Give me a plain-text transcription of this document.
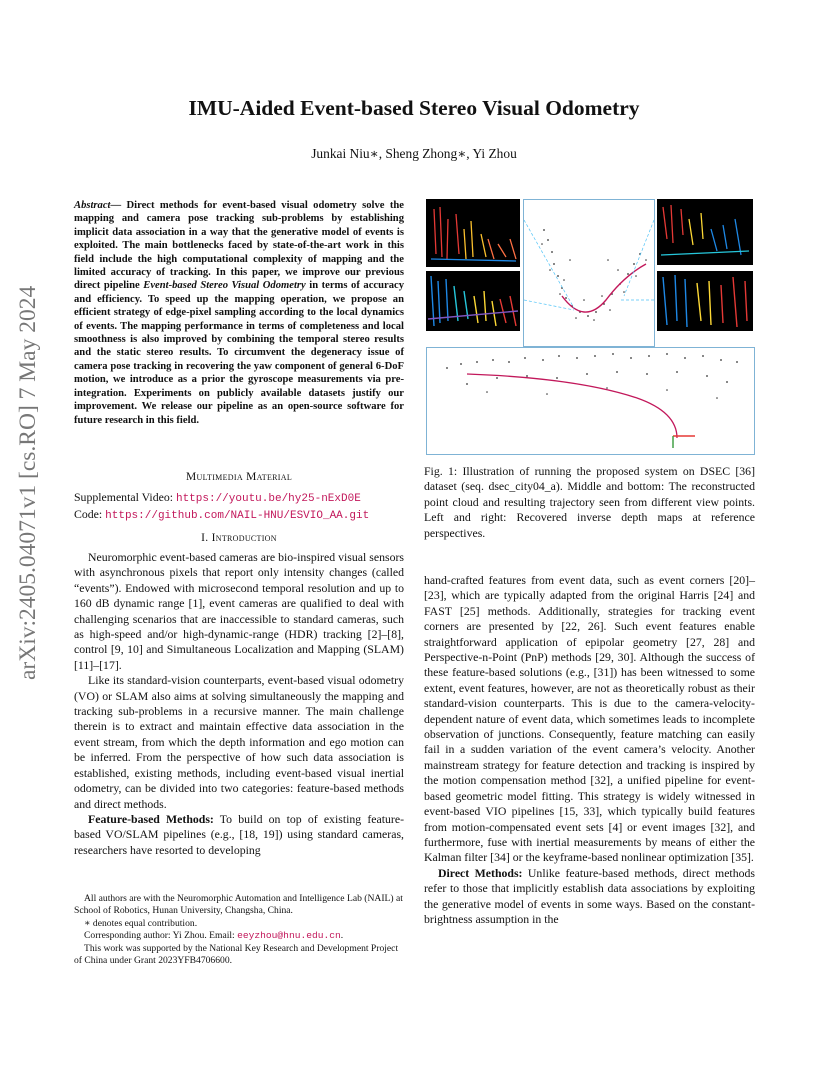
arXiv:2405.04071v1 [cs.RO] 7 May 2024
IMU-Aided Event-based Stereo Visual Odometry
Junkai Niu∗, Sheng Zhong∗, Yi Zhou
Abstract— Direct methods for event-based visual odometry solve the mapping and camera pose tracking sub-problems by establishing implicit data association in a way that the generative model of events is exploited. The main bottlenecks faced by state-of-the-art work in this field include the high computational complexity of mapping and the limited accuracy of tracking. In this paper, we improve our previous direct pipeline Event-based Stereo Visual Odometry in terms of accuracy and efficiency. To speed up the mapping operation, we propose an efficient strategy of edge-pixel sampling according to the local dynamics of events. The mapping performance in terms of completeness and local smoothness is also improved by combining the temporal stereo results and the static stereo results. To circumvent the degeneracy issue of camera pose tracking in recovering the yaw component of general 6-DoF motion, we introduce as a prior the gyroscope measurements via pre-integration. Experiments on publicly available datasets justify our improvement. We release our pipeline as an open-source software for future research in this field.
Multimedia Material
Supplemental Video: https://youtu.be/hy25-nExD0E
Code: https://github.com/NAIL-HNU/ESVIO_AA.git
I. Introduction

Neuromorphic event-based cameras are bio-inspired visual sensors with asynchronous pixels that report only intensity changes (called “events”). Endowed with microsecond temporal resolution and up to 160 dB dynamic range [1], event cameras are qualified to deal with challenging scenarios that are inaccessible to standard cameras, such as high-speed and/or high-dynamic-range (HDR) tracking [2]–[8], control [9, 10] and Simultaneous Localization and Mapping (SLAM) [11]–[17].

Like its standard-vision counterparts, event-based visual odometry (VO) or SLAM also aims at solving simultaneously the mapping and tracking sub-problems in a recursive manner. The main challenge therein is to extract and maintain effective data association in the event stream, from which the depth information and ego motion can be inferred. From the perspective of how such data association is established, existing methods, including event-based visual inertial odometry, can be divided into two categories: feature-based methods and direct methods.

Feature-based Methods: To build on top of existing feature-based VO/SLAM pipelines (e.g., [18, 19]) using standard cameras, researchers have resorted to developing

All authors are with the Neuromorphic Automation and Intelligence Lab (NAIL) at School of Robotics, Hunan University, Changsha, China.

∗ denotes equal contribution.

Corresponding author: Yi Zhou. Email: eeyzhou@hnu.edu.cn.

This work was supported by the National Key Research and Development Project of China under Grant 2023YFB4706600.

Fig. 1: Illustration of running the proposed system on DSEC [36] dataset (seq. dsec_city04_a). Middle and bottom: The reconstructed point cloud and resulting trajectory seen from different view points. Left and right: Recovered inverse depth maps at reference perspectives.

hand-crafted features from event data, such as event corners [20]–[23], which are typically adapted from the original Harris [24] and FAST [25] methods. Additionally, strategies for tracking event corners are presented by [22, 26]. Such event features enable straightforward application of epipolar geometry [27, 28] and Perspective-n-Point (PnP) methods [29, 30]. Although the success of these feature-based solutions (e.g., [31]) has been witnessed to some extent, event features, however, are not as theoretically robust as their standard-vision counterparts. This is due to the camera-velocity-dependent nature of event data, which sometimes leads to incomplete observation of junctions. Consequently, feature matching can easily fail in a sudden variation of the event camera’s velocity. Another mainstream strategy for feature detection and tracking is inspired by the motion compensation method [32], a unified pipeline for event-based geometric model fitting. This strategy is widely witnessed in event-based VIO pipelines [15, 33], which typically build features from motion-compensated event sets [4] or event images [32], and furthermore, fuse with inertial measurements by means of either the Kalman filter [34] or the keyframe-based nonlinear optimization [35].

Direct Methods: Unlike feature-based methods, direct methods refer to those that implicitly establish data associations by exploiting the generative model of events in some ways. Based on the constant-brightness assumption in the
